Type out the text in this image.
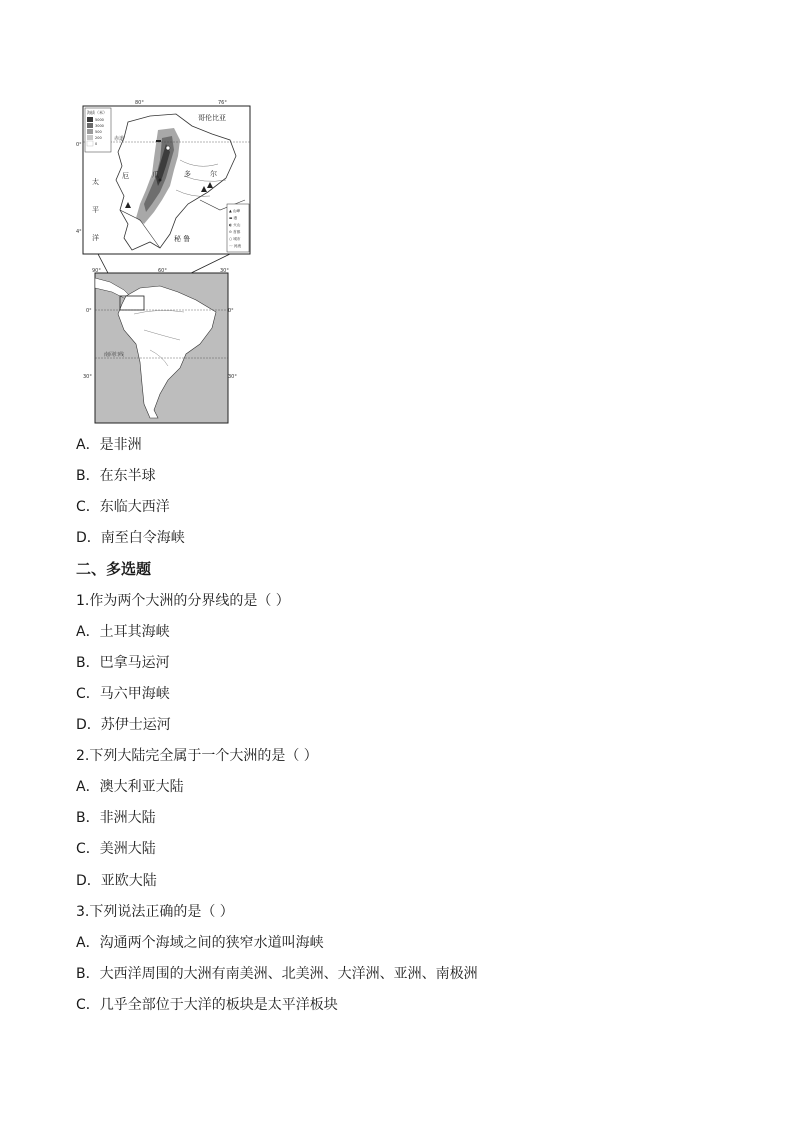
80°	76°
0°
4°
赤道
哥伦比亚
太
平
洋
厄	瓜	多	尔
秘 鲁
海拔（米）
5000
3000
500
200
0
▲ 山峰
▬ 港
◐ 火山
⊙ 首都
○ 城市
〰 河流
90°	60°	30°
0°
30°
0°
30°
南回归线
A．是非洲
B．在东半球
C．东临大西洋
D．南至白令海峡
二、多选题
1.作为两个大洲的分界线的是（ ）
A．土耳其海峡
B．巴拿马运河
C．马六甲海峡
D．苏伊士运河
2.下列大陆完全属于一个大洲的是（ ）
A．澳大利亚大陆
B．非洲大陆
C．美洲大陆
D．亚欧大陆
3.下列说法正确的是（ ）
A．沟通两个海域之间的狭窄水道叫海峡
B．大西洋周围的大洲有南美洲、北美洲、大洋洲、亚洲、南极洲
C．几乎全部位于大洋的板块是太平洋板块
